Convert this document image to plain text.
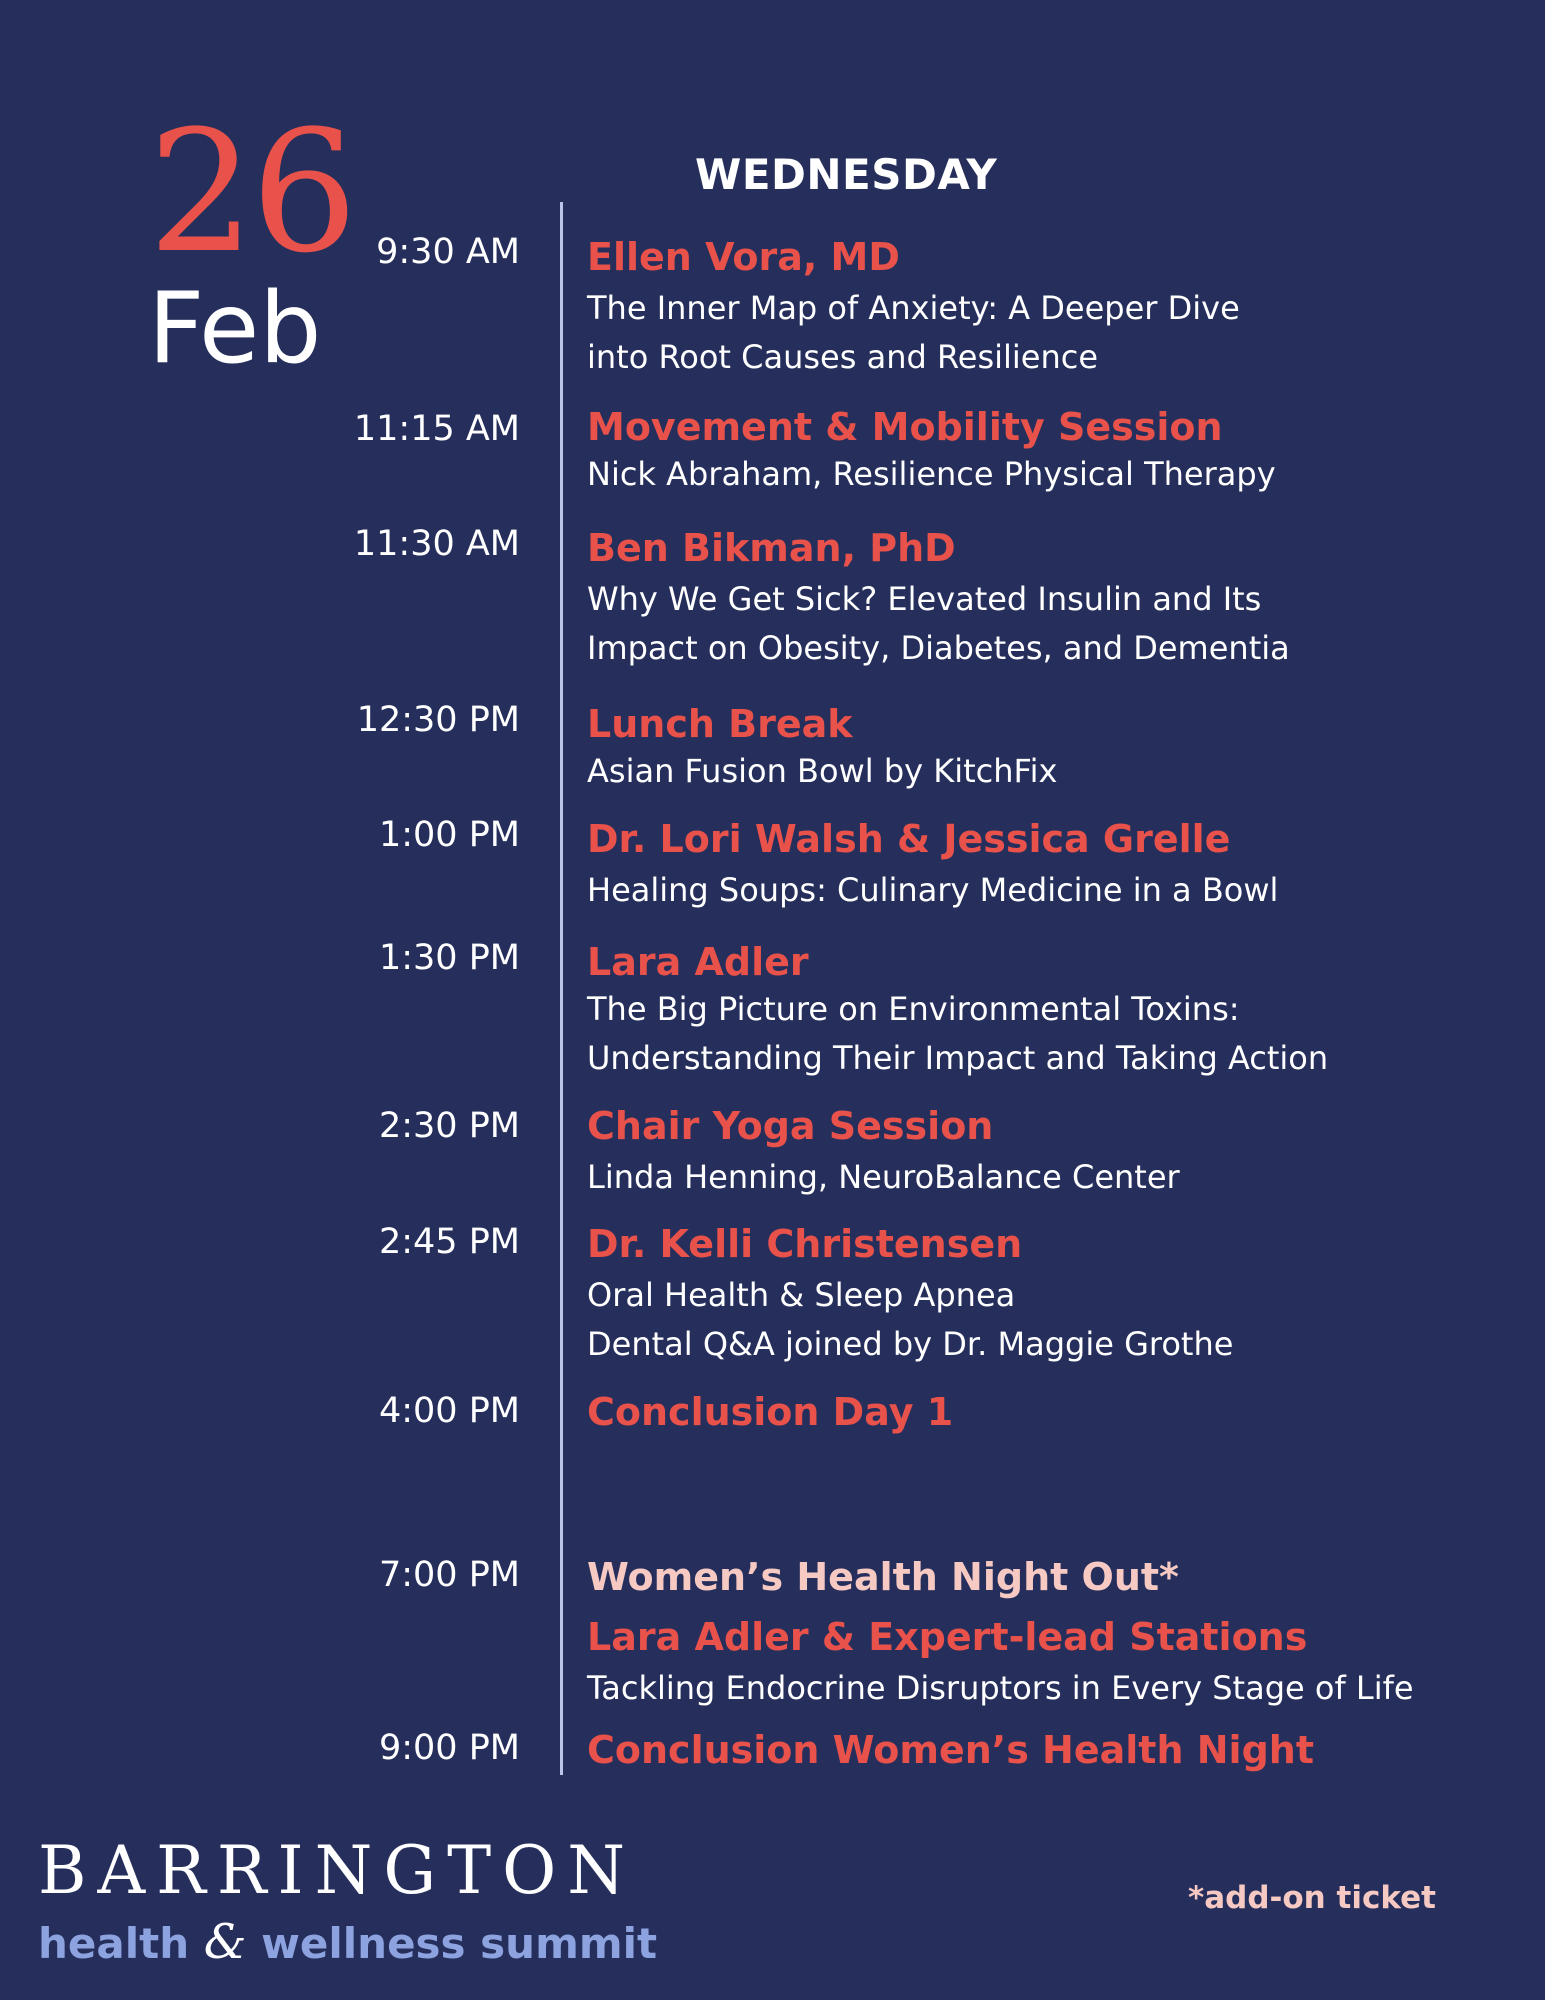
26
Feb
WEDNESDAY
9:30 AM Ellen Vora, MD
The Inner Map of Anxiety: A Deeper Dive
into Root Causes and Resilience
11:15 AM Movement & Mobility Session
Nick Abraham, Resilience Physical Therapy
11:30 AM Ben Bikman, PhD
Why We Get Sick? Elevated Insulin and Its
Impact on Obesity, Diabetes, and Dementia
12:30 PM Lunch Break
Asian Fusion Bowl by KitchFix
1:00 PM Dr. Lori Walsh & Jessica Grelle
Healing Soups: Culinary Medicine in a Bowl
1:30 PM Lara Adler
The Big Picture on Environmental Toxins:
Understanding Their Impact and Taking Action
2:30 PM Chair Yoga Session
Linda Henning, NeuroBalance Center
2:45 PM Dr. Kelli Christensen
Oral Health & Sleep Apnea
Dental Q&A joined by Dr. Maggie Grothe
4:00 PM Conclusion Day 1
7:00 PM Women’s Health Night Out*
Lara Adler & Expert-lead Stations
Tackling Endocrine Disruptors in Every Stage of Life
9:00 PM Conclusion Women’s Health Night
BARRINGTON
health & wellness summit
*add-on ticket
